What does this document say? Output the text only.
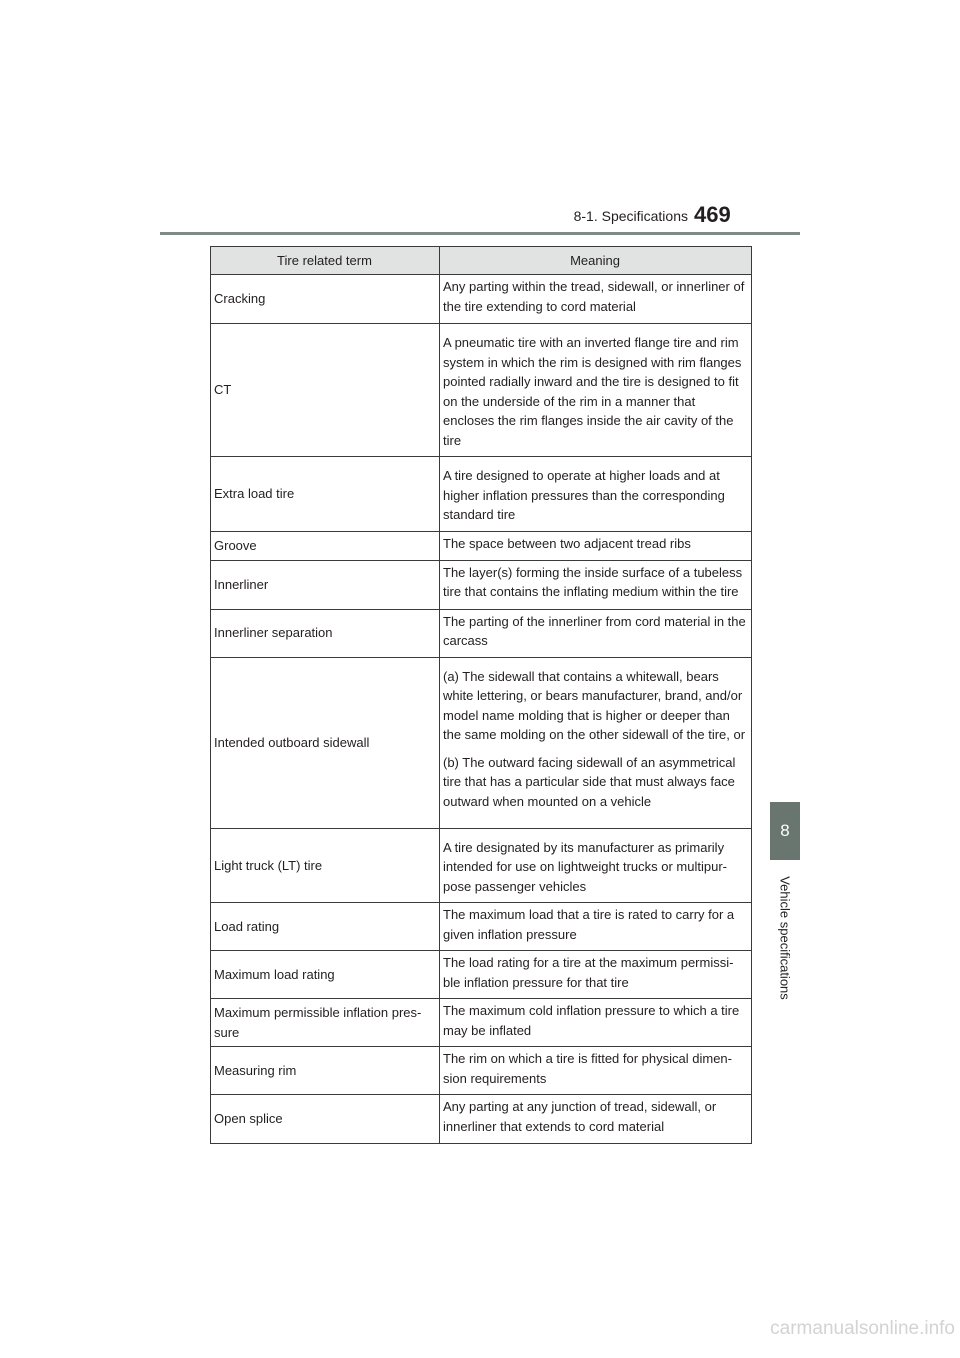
8-1. Specifications 469
8
Vehicle specifications
Tire related term	Meaning
Cracking	Any parting within the tread, sidewall, or innerliner of the tire extending to cord material

CT	A pneumatic tire with an inverted flange tire and rim system in which the rim is designed with rim flanges pointed radially inward and the tire is designed to fit on the underside of the rim in a manner that encloses the rim flanges inside the air cavity of the tire

Extra load tire	A tire designed to operate at higher loads and at higher inflation pressures than the corresponding standard tire

Groove	The space between two adjacent tread ribs

Innerliner	The layer(s) forming the inside surface of a tubeless tire that contains the inflating medium within the tire

Innerliner separation	The parting of the innerliner from cord material in the carcass

Intended outboard sidewall	(a) The sidewall that contains a whitewall, bears white lettering, or bears manufacturer, brand, and/or model name molding that is higher or deeper than the same molding on the other sidewall of the tire, or

(b) The outward facing sidewall of an asymmetrical tire that has a particular side that must always face outward when mounted on a vehicle

Light truck (LT) tire	A tire designated by its manufacturer as primarily intended for use on lightweight trucks or multipur-pose passenger vehicles

Load rating	The maximum load that a tire is rated to carry for a given inflation pressure

Maximum load rating	The load rating for a tire at the maximum permissi-ble inflation pressure for that tire

Maximum permissible inflation pres-sure	The maximum cold inflation pressure to which a tire may be inflated

Measuring rim	The rim on which a tire is fitted for physical dimen-sion requirements

Open splice	Any parting at any junction of tread, sidewall, or innerliner that extends to cord material

carmanualsonline.info
